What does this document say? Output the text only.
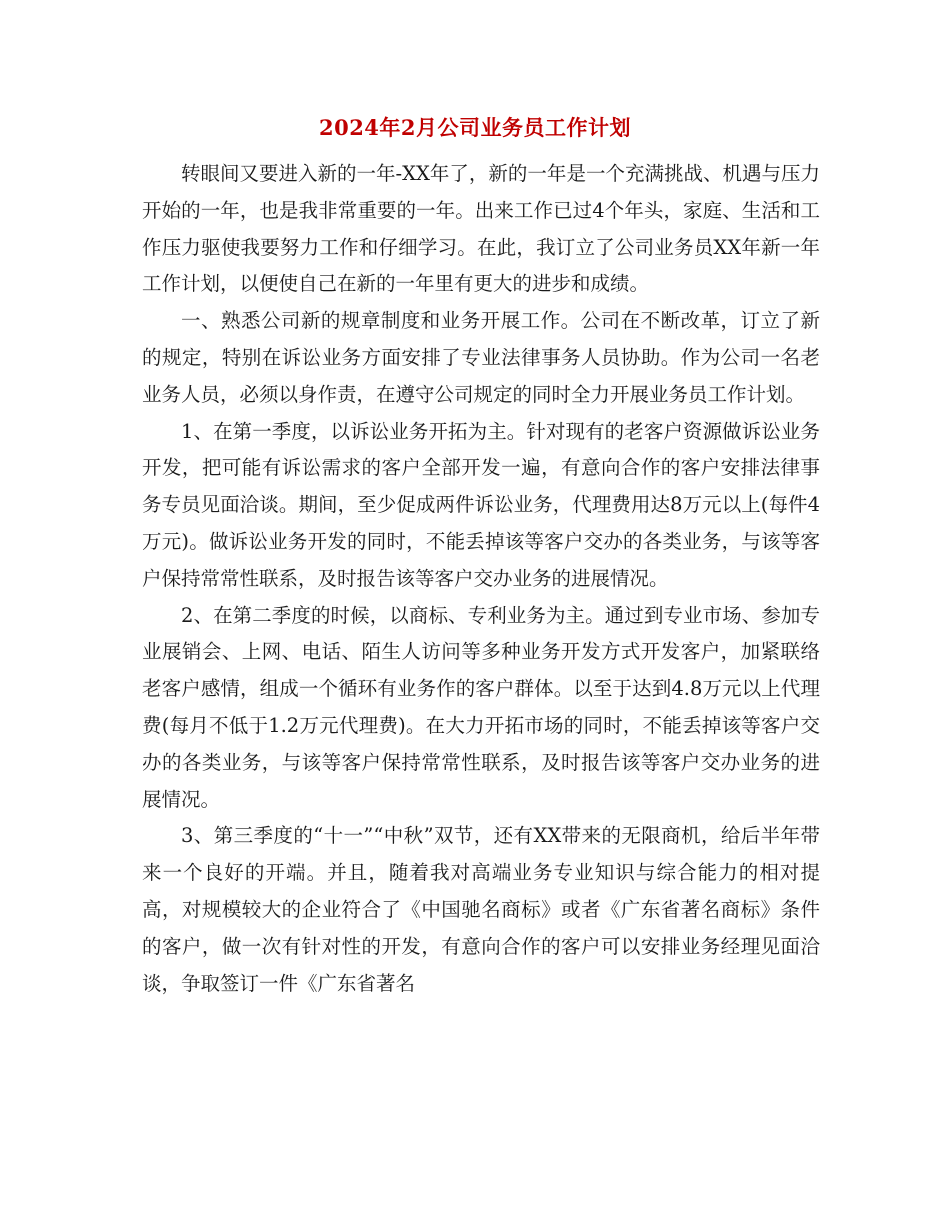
2024年2月公司业务员工作计划

转眼间又要进入新的一年-XX年了，新的一年是一个充满挑战、机遇与压力开始的一年，也是我非常重要的一年。出来工作已过4个年头，家庭、生活和工作压力驱使我要努力工作和仔细学习。在此，我订立了公司业务员XX年新一年工作计划，以便使自己在新的一年里有更大的进步和成绩。

一、熟悉公司新的规章制度和业务开展工作。公司在不断改革，订立了新的规定，特别在诉讼业务方面安排了专业法律事务人员协助。作为公司一名老业务人员，必须以身作责，在遵守公司规定的同时全力开展业务员工作计划。

1、在第一季度，以诉讼业务开拓为主。针对现有的老客户资源做诉讼业务开发，把可能有诉讼需求的客户全部开发一遍，有意向合作的客户安排法律事务专员见面洽谈。期间，至少促成两件诉讼业务，代理费用达8万元以上(每件4万元)。做诉讼业务开发的同时，不能丢掉该等客户交办的各类业务，与该等客户保持常常性联系，及时报告该等客户交办业务的进展情况。

2、在第二季度的时候，以商标、专利业务为主。通过到专业市场、参加专业展销会、上网、电话、陌生人访问等多种业务开发方式开发客户，加紧联络老客户感情，组成一个循环有业务作的客户群体。以至于达到4.8万元以上代理费(每月不低于1.2万元代理费)。在大力开拓市场的同时，不能丢掉该等客户交办的各类业务，与该等客户保持常常性联系，及时报告该等客户交办业务的进展情况。

3、第三季度的“十一”“中秋”双节，还有XX带来的无限商机，给后半年带来一个良好的开端。并且，随着我对高端业务专业知识与综合能力的相对提高，对规模较大的企业符合了《中国驰名商标》或者《广东省著名商标》条件的客户，做一次有针对性的开发，有意向合作的客户可以安排业务经理见面洽谈，争取签订一件《广东省著名
